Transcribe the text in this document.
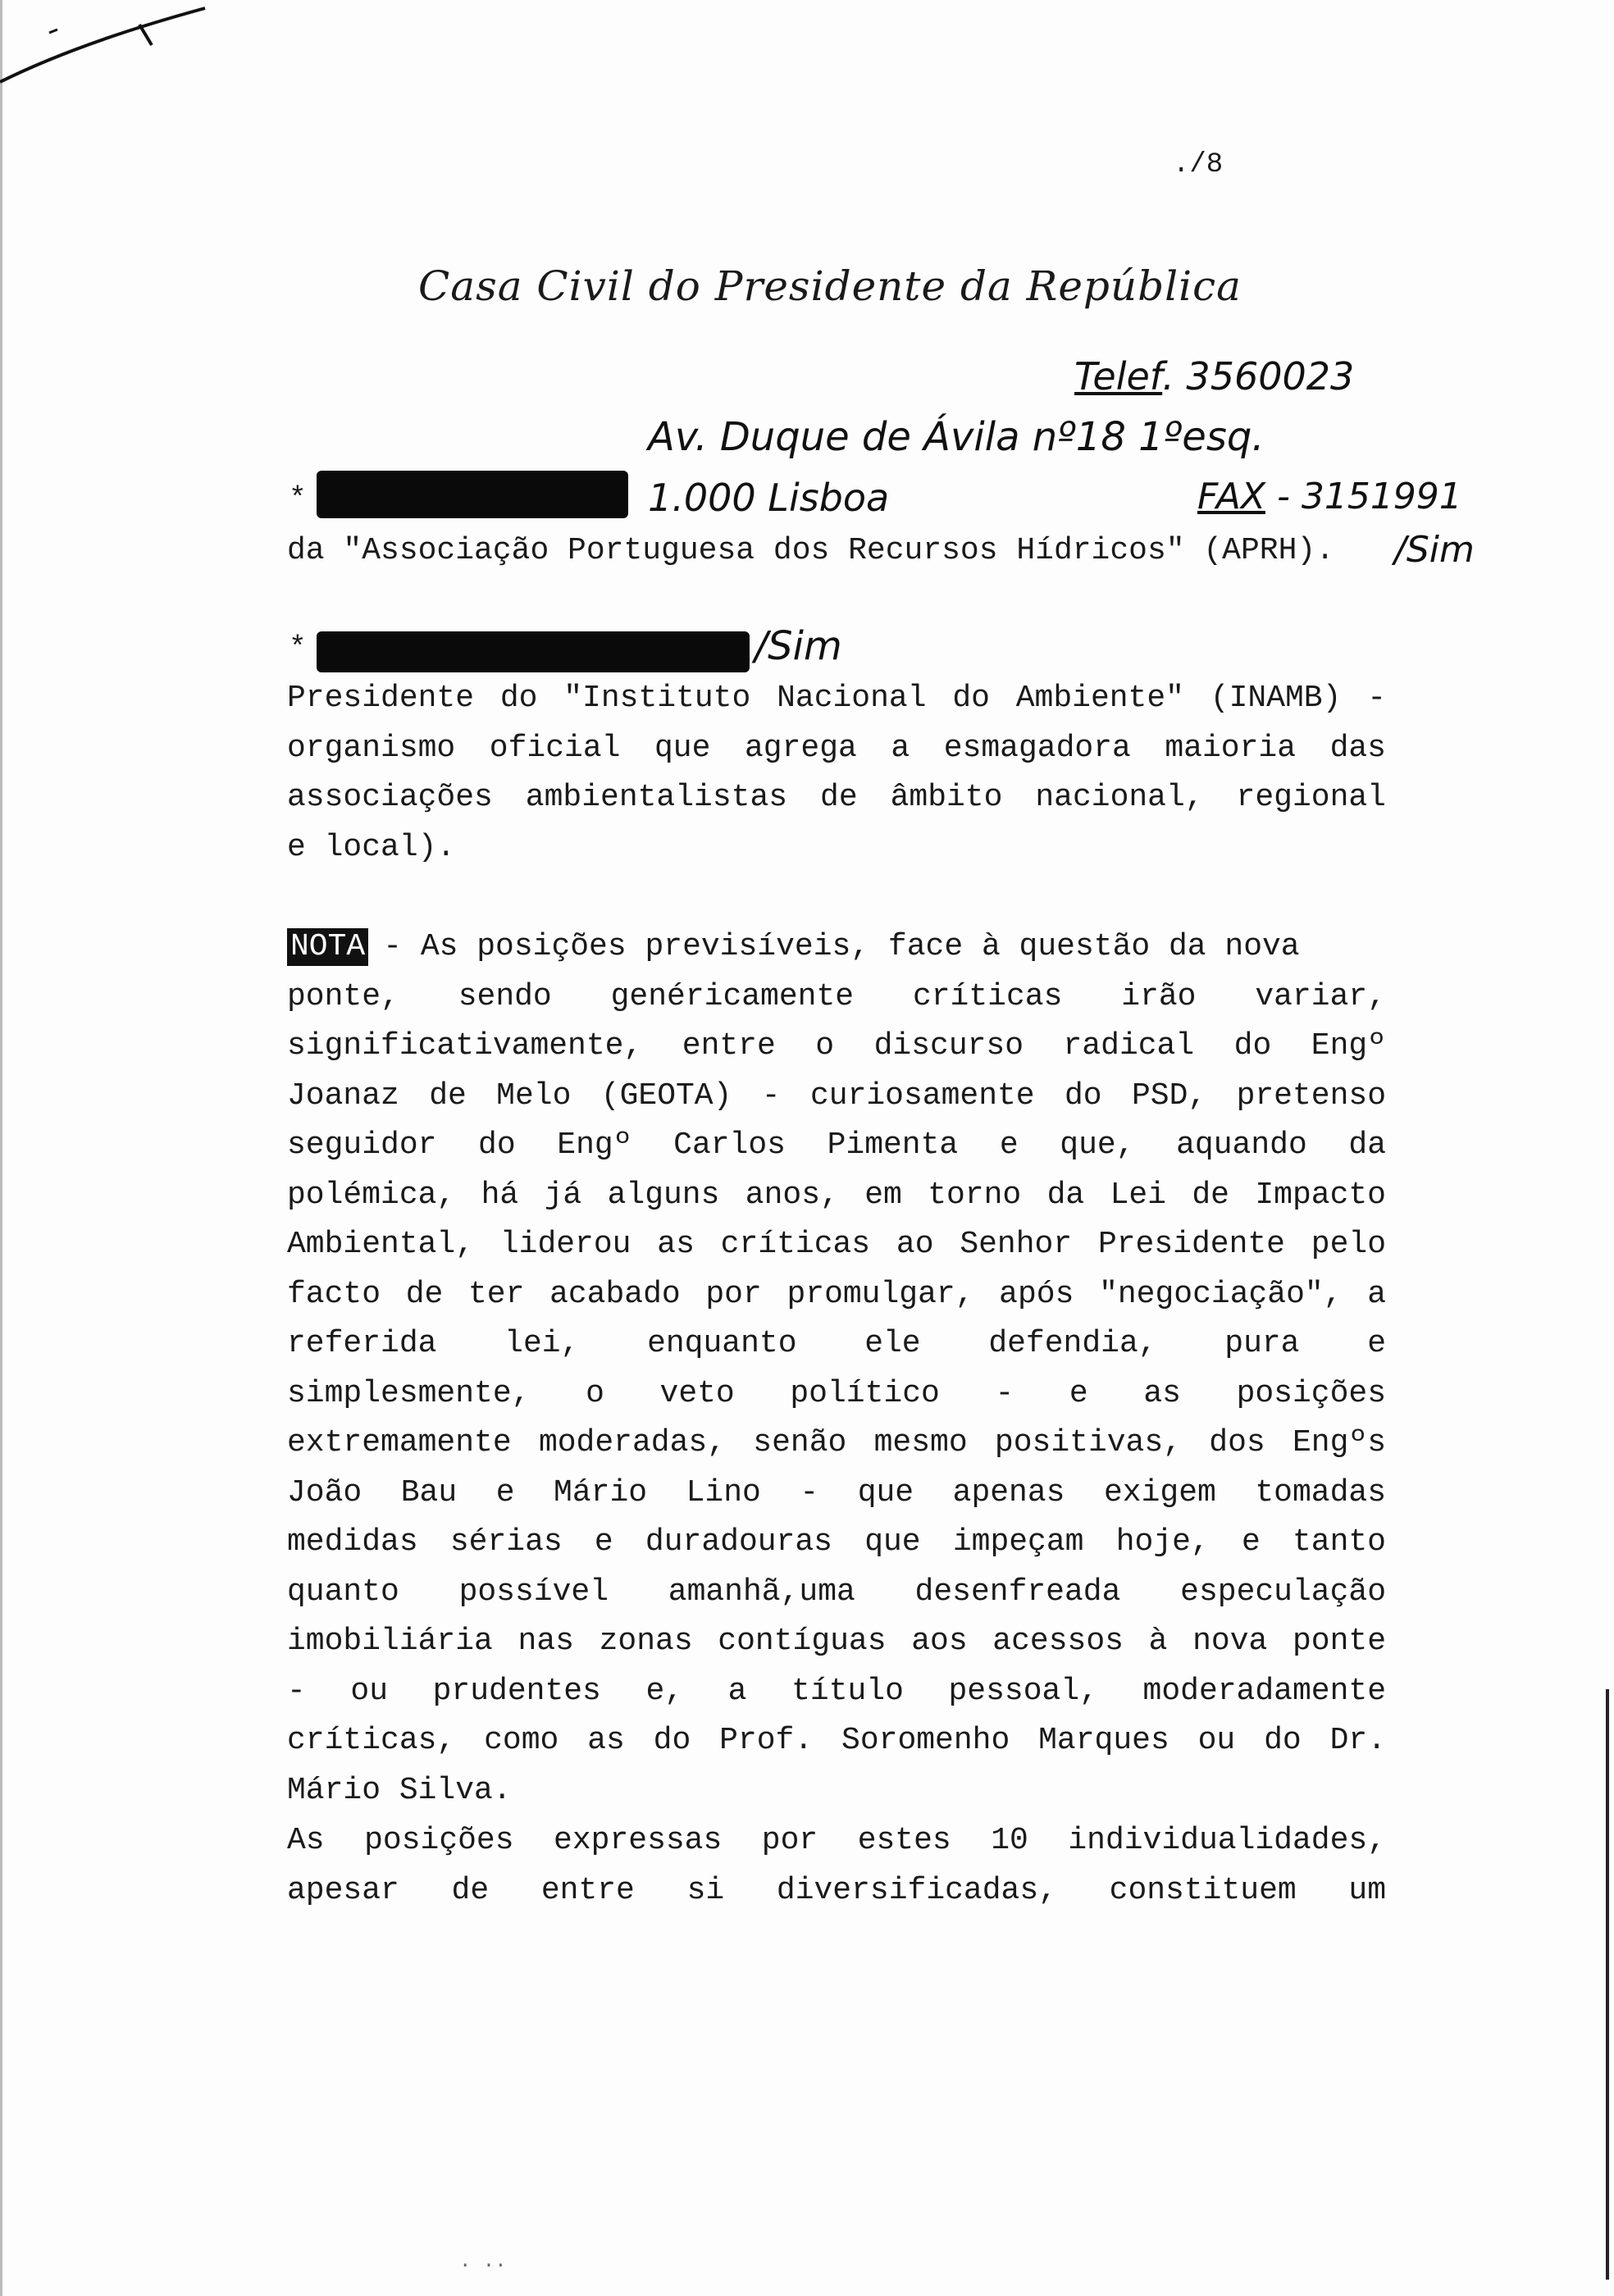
./8
Casa Civil do Presidente da República
Telef. 3560023
Av. Duque de Ávila nº18 1ºesq.
1.000 Lisboa	FAX - 3151991
*
da "Associação Portuguesa dos Recursos Hídricos" (APRH). /Sim
*	/Sim
Presidente do "Instituto Nacional do Ambiente" (INAMB) -
organismo oficial que agrega a esmagadora maioria das
associações ambientalistas de âmbito nacional, regional
e local).
NOTA - As posições previsíveis, face à questão da nova
ponte, sendo genéricamente críticas irão variar,
significativamente, entre o discurso radical do Engº
Joanaz de Melo (GEOTA) - curiosamente do PSD, pretenso
seguidor do Engº Carlos Pimenta e que, aquando da
polémica, há já alguns anos, em torno da Lei de Impacto
Ambiental, liderou as críticas ao Senhor Presidente pelo
facto de ter acabado por promulgar, após "negociação", a
referida lei, enquanto ele defendia, pura e
simplesmente, o veto político - e as posições
extremamente moderadas, senão mesmo positivas, dos Engºs
João Bau e Mário Lino - que apenas exigem tomadas
medidas sérias e duradouras que impeçam hoje, e tanto
quanto possível amanhã,uma desenfreada especulação
imobiliária nas zonas contíguas aos acessos à nova ponte
- ou prudentes e, a título pessoal, moderadamente
críticas, como as do Prof. Soromenho Marques ou do Dr.
Mário Silva.
As posições expressas por estes 10 individualidades,
apesar de entre si diversificadas, constituem um
. ..
